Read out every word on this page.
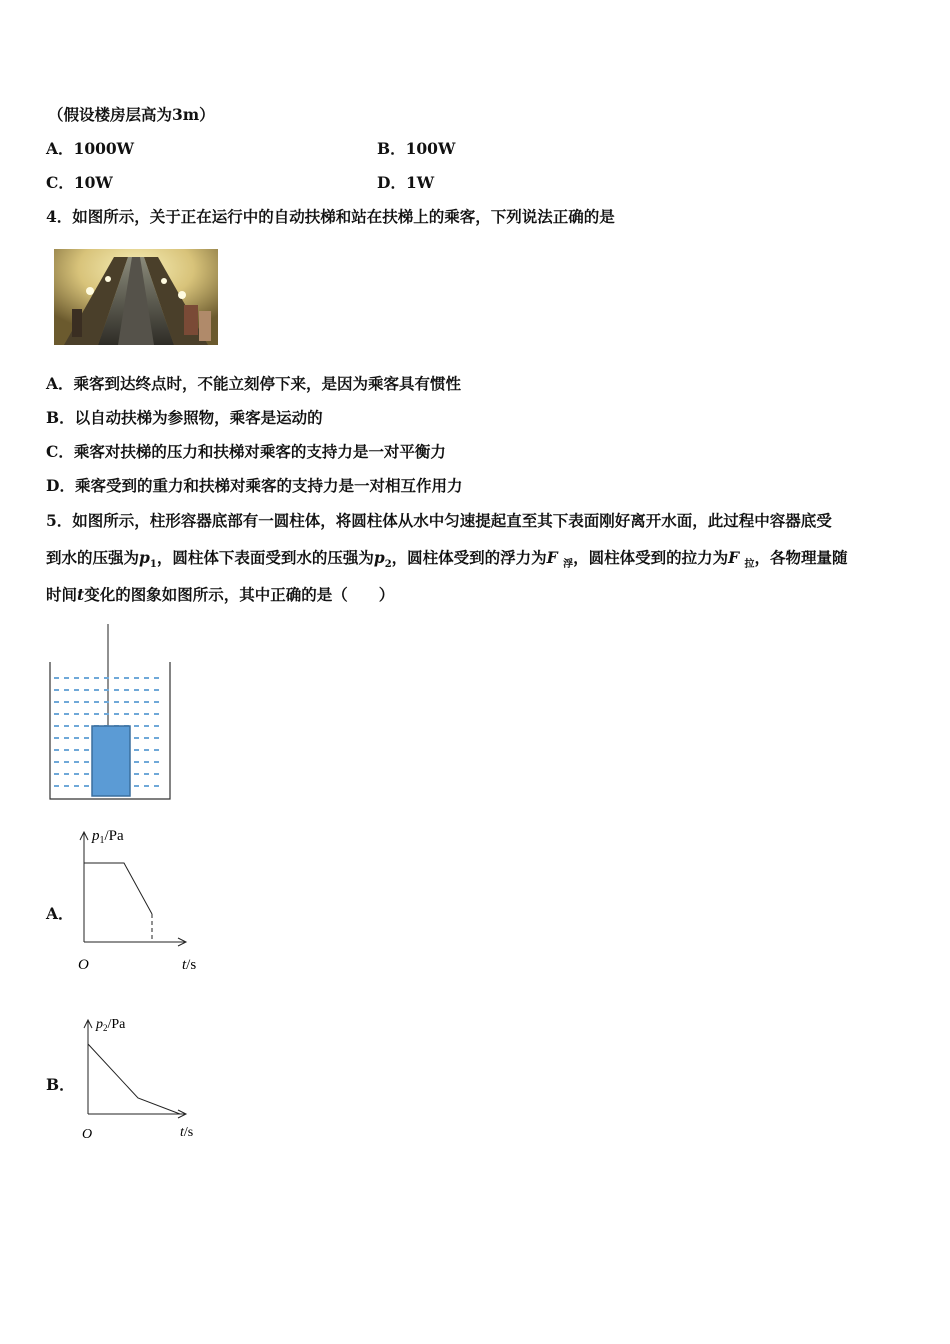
（假设楼房层高为3m）
A．1000W	B．100W
C．10W	D．1W
4．如图所示，关于正在运行中的自动扶梯和站在扶梯上的乘客，下列说法正确的是
A．乘客到达终点时，不能立刻停下来，是因为乘客具有惯性
B．以自动扶梯为参照物，乘客是运动的
C．乘客对扶梯的压力和扶梯对乘客的支持力是一对平衡力
D．乘客受到的重力和扶梯对乘客的支持力是一对相互作用力
5．如图所示，柱形容器底部有一圆柱体，将圆柱体从水中匀速提起直至其下表面刚好离开水面，此过程中容器底受
到水的压强为$p_1$，圆柱体下表面受到水的压强为$p_2$，圆柱体受到的浮力为F $_浮$，圆柱体受到的拉力为F $_拉$，各物理量随
时间t变化的图象如图所示，其中正确的是（　　）
A．
$p_1/Pa$
O	t/s
B．
$p_2/Pa$
O	t/s
